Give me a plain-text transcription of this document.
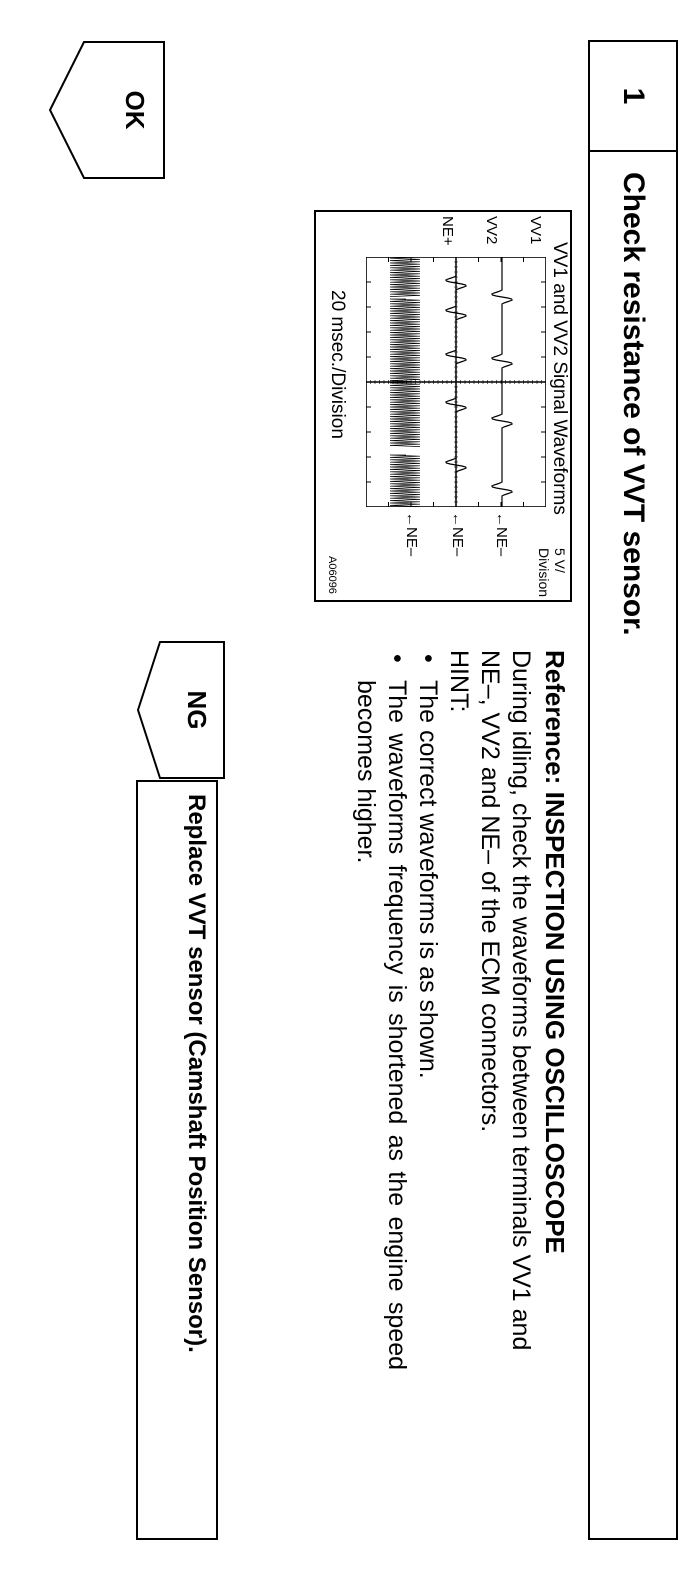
1
Check resistance of VVT sensor.
VV1 and VV2 Signal Waveforms
5 V/ Division
VV1
VV2
NE+
←NE–
←NE–
←NE–
20 msec./Division
A06096
Reference: INSPECTION USING OSCILLOSCOPE

During idling, check the waveforms between terminals VV1 and NE–, VV2 and NE– of the ECM connectors.

HINT:

•
The correct waveforms is as shown.
•
The waveforms frequency is shortened as the engine speed becomes higher.
NG
Replace VVT sensor (Camshaft Position Sensor).
OK
